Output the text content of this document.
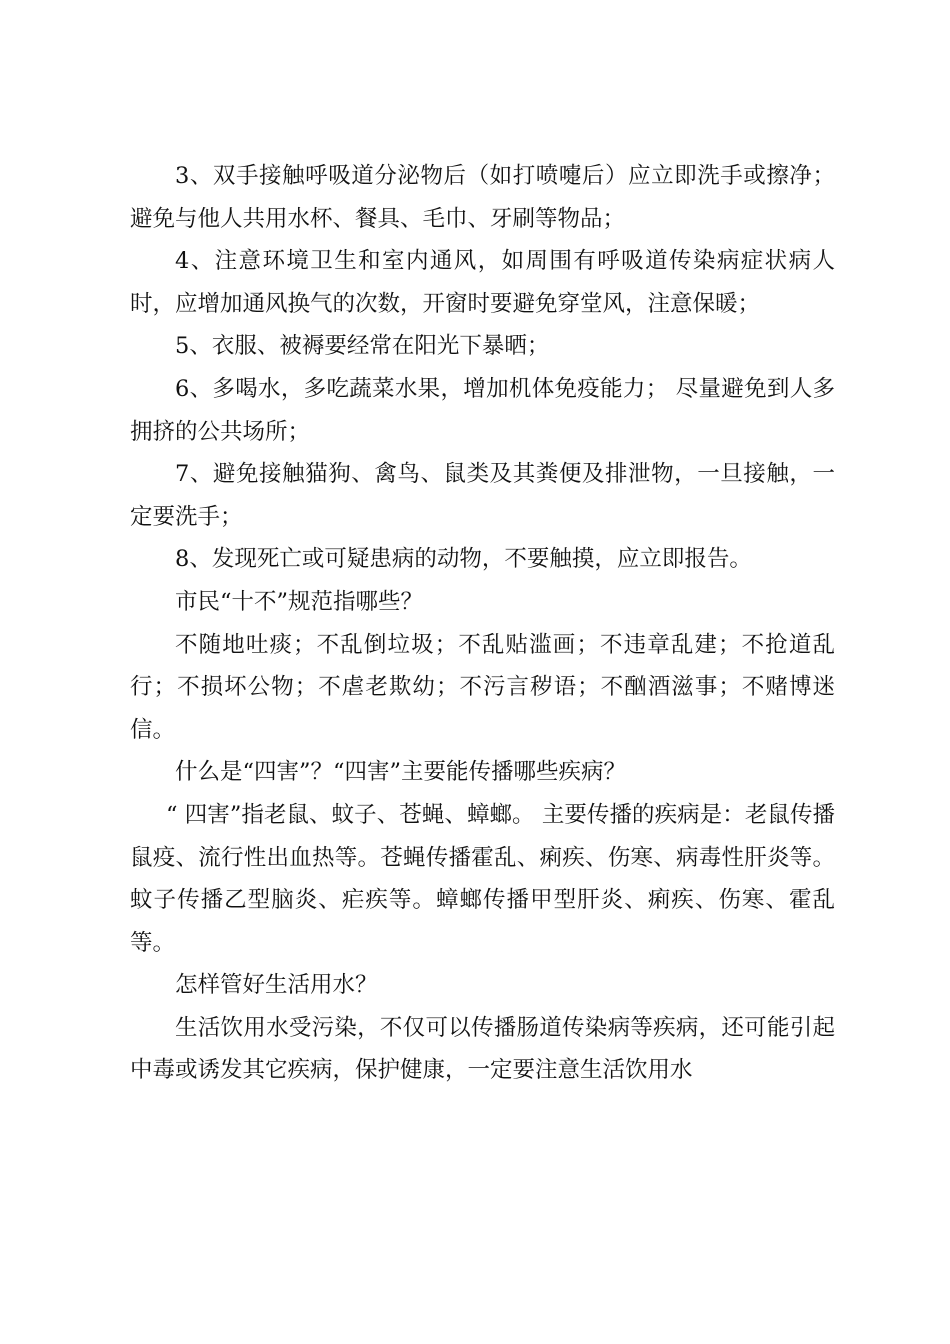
3、双手接触呼吸道分泌物后（如打喷嚏后）应立即洗手或擦净； 避免与他人共用水杯、餐具、毛巾、牙刷等物品；

4、注意环境卫生和室内通风，如周围有呼吸道传染病症状病人时，应增加通风换气的次数，开窗时要避免穿堂风，注意保暖；

5、衣服、被褥要经常在阳光下暴晒；

6、多喝水，多吃蔬菜水果，增加机体免疫能力； 尽量避免到人多拥挤的公共场所；

7、避免接触猫狗、禽鸟、鼠类及其粪便及排泄物，一旦接触，一定要洗手；

8、发现死亡或可疑患病的动物，不要触摸，应立即报告。

市民“十不”规范指哪些？

不随地吐痰；不乱倒垃圾；不乱贴滥画；不违章乱建；不抢道乱行；不损坏公物；不虐老欺幼；不污言秽语；不酗酒滋事；不赌博迷信。

什么是“四害”？“四害”主要能传播哪些疾病？

“ 四害”指老鼠、蚊子、苍蝇、蟑螂。 主要传播的疾病是：老鼠传播鼠疫、流行性出血热等。苍蝇传播霍乱、痢疾、伤寒、病毒性肝炎等。蚊子传播乙型脑炎、疟疾等。蟑螂传播甲型肝炎、痢疾、伤寒、霍乱等。

怎样管好生活用水？

生活饮用水受污染，不仅可以传播肠道传染病等疾病，还可能引起中毒或诱发其它疾病，保护健康，一定要注意生活饮用水
